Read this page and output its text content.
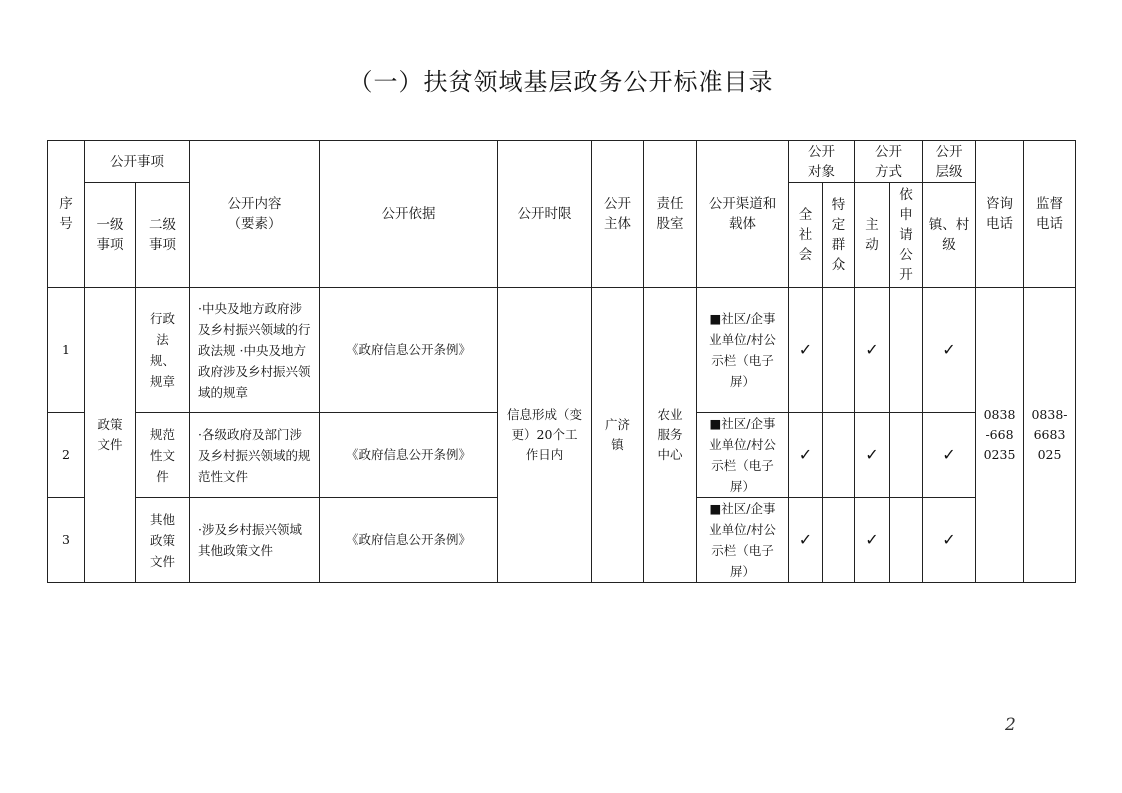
（一）扶贫领域基层政务公开标准目录
序号	公开事项		公开内容（要素）	公开依据	公开时限	公开主体	责任股室	公开渠道和载体	公开对象		公开方式		公开层级	咨询电话	监督电话
	一级事项	二级事项							全社会	特定群众	主动	依申请公开	镇、村级		
1	政策文件	行政法规、规章	·中央及地方政府涉及乡村振兴领域的行政法规 ·中央及地方政府涉及乡村振兴领域的规章	《政府信息公开条例》	信息形成（变更）20个工作日内	广济镇	农业服务中心	■社区/企事业单位/村公示栏（电子屏）	✓		✓		✓	0838-6680235	0838-6683025
2		规范性文件	·各级政府及部门涉及乡村振兴领域的规范性文件	《政府信息公开条例》				■社区/企事业单位/村公示栏（电子屏）	✓		✓		✓		
3		其他政策文件	·涉及乡村振兴领域其他政策文件	《政府信息公开条例》				■社区/企事业单位/村公示栏（电子屏）	✓		✓		✓		
2
